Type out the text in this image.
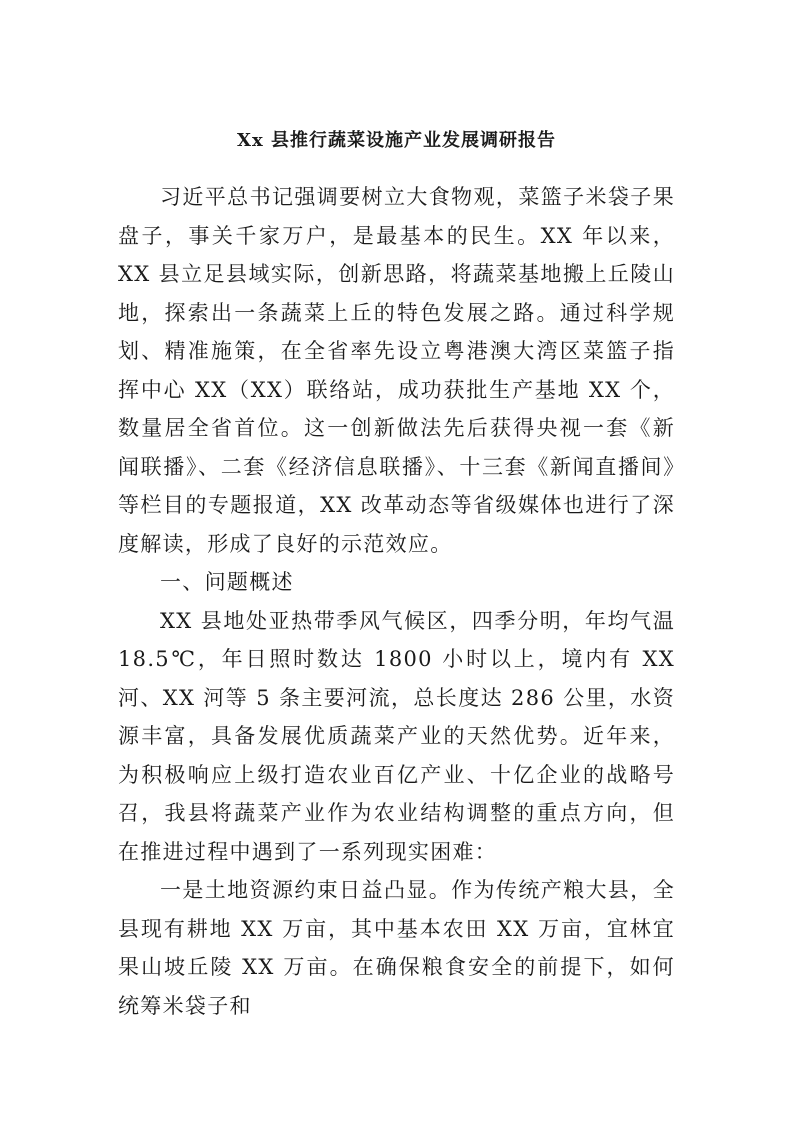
Xx 县推行蔬菜设施产业发展调研报告

习近平总书记强调要树立大食物观，菜篮子米袋子果盘子，事关千家万户，是最基本的民生。XX 年以来，XX 县立足县域实际，创新思路，将蔬菜基地搬上丘陵山地，探索出一条蔬菜上丘的特色发展之路。通过科学规划、精准施策，在全省率先设立粤港澳大湾区菜篮子指挥中心 XX（XX）联络站，成功获批生产基地 XX 个，数量居全省首位。这一创新做法先后获得央视一套《新闻联播》、二套《经济信息联播》、十三套《新闻直播间》等栏目的专题报道，XX 改革动态等省级媒体也进行了深度解读，形成了良好的示范效应。

一、问题概述

XX 县地处亚热带季风气候区，四季分明，年均气温 18.5℃，年日照时数达 1800 小时以上，境内有 XX 河、XX 河等 5 条主要河流，总长度达 286 公里，水资源丰富，具备发展优质蔬菜产业的天然优势。近年来，为积极响应上级打造农业百亿产业、十亿企业的战略号召，我县将蔬菜产业作为农业结构调整的重点方向，但在推进过程中遇到了一系列现实困难：

一是土地资源约束日益凸显。作为传统产粮大县，全县现有耕地 XX 万亩，其中基本农田 XX 万亩，宜林宜果山坡丘陵 XX 万亩。在确保粮食安全的前提下，如何统筹米袋子和
